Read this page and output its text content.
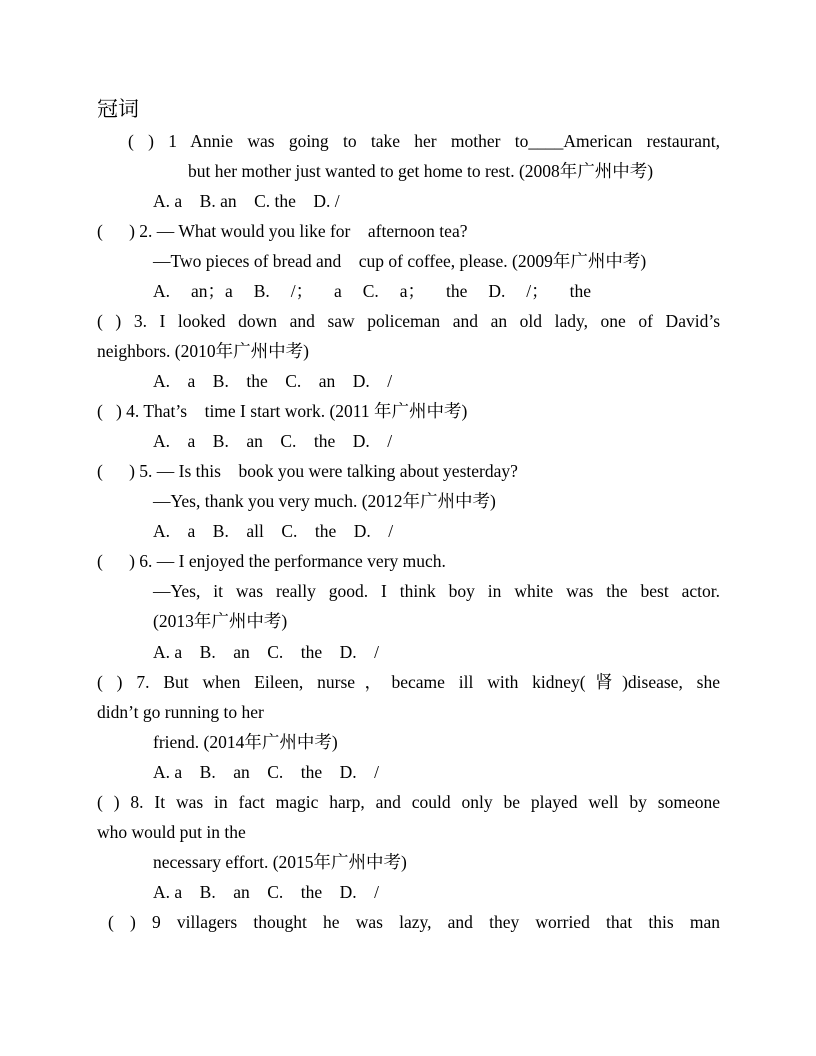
冠词
( ) 1 Annie was going to take her mother to____American restaurant,
but her mother just wanted to get home to rest. (2008年广州中考)
A. a    B. an    C. the    D. /
(      ) 2. — What would you like for    afternoon tea?
—Two pieces of bread and    cup of coffee, please. (2009年广州中考)
A. an；a B. /； a C. a； the D. /； the
( ) 3. I looked down and saw policeman and an old lady, one of David’s
neighbors. (2010年广州中考)
A.    a    B.    the    C.    an    D.    /
(   ) 4. That’s    time I start work. (2011 年广州中考)
A.    a    B.    an    C.    the    D.    /
(      ) 5. — Is this    book you were talking about yesterday?
—Yes, thank you very much. (2012年广州中考)
A.    a    B.    all    C.    the    D.    /
(      ) 6. — I enjoyed the performance very much.
—Yes, it was really good. I think boy in white was the best actor.
(2013年广州中考)
A. a    B.    an    C.    the    D.    /
( ) 7. But when Eileen, nurse，became ill with kidney(肾)disease, she
didn’t go running to her
friend. (2014年广州中考)
A. a    B.    an    C.    the    D.    /
( ) 8. It was in fact magic harp, and could only be played well by someone
who would put in the
necessary effort. (2015年广州中考)
A. a    B.    an    C.    the    D.    /
( ) 9 villagers thought he was lazy, and they worried that this man
